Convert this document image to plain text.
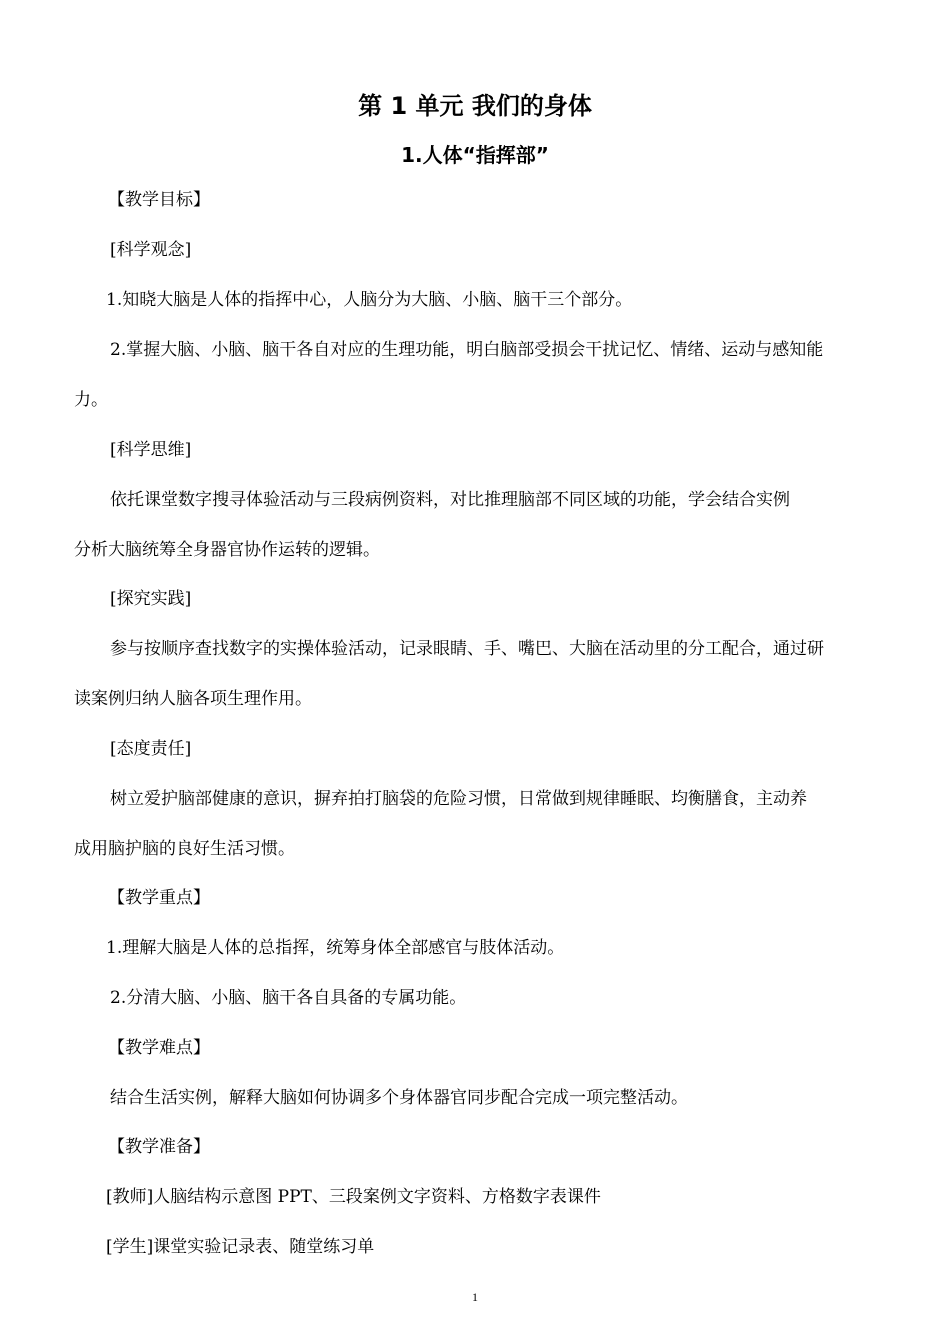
第 1 单元 我们的身体
1.人体“指挥部”
【教学目标】
[科学观念]
1.知晓大脑是人体的指挥中心，人脑分为大脑、小脑、脑干三个部分。
2.掌握大脑、小脑、脑干各自对应的生理功能，明白脑部受损会干扰记忆、情绪、运动与感知能
力。
[科学思维]
依托课堂数字搜寻体验活动与三段病例资料，对比推理脑部不同区域的功能，学会结合实例
分析大脑统筹全身器官协作运转的逻辑。
[探究实践]
参与按顺序查找数字的实操体验活动，记录眼睛、手、嘴巴、大脑在活动里的分工配合，通过研
读案例归纳人脑各项生理作用。
[态度责任]
树立爱护脑部健康的意识，摒弃拍打脑袋的危险习惯，日常做到规律睡眠、均衡膳食，主动养
成用脑护脑的良好生活习惯。
【教学重点】
1.理解大脑是人体的总指挥，统筹身体全部感官与肢体活动。
2.分清大脑、小脑、脑干各自具备的专属功能。
【教学难点】
结合生活实例，解释大脑如何协调多个身体器官同步配合完成一项完整活动。
【教学准备】
[教师]人脑结构示意图 PPT、三段案例文字资料、方格数字表课件
[学生]课堂实验记录表、随堂练习单
1
